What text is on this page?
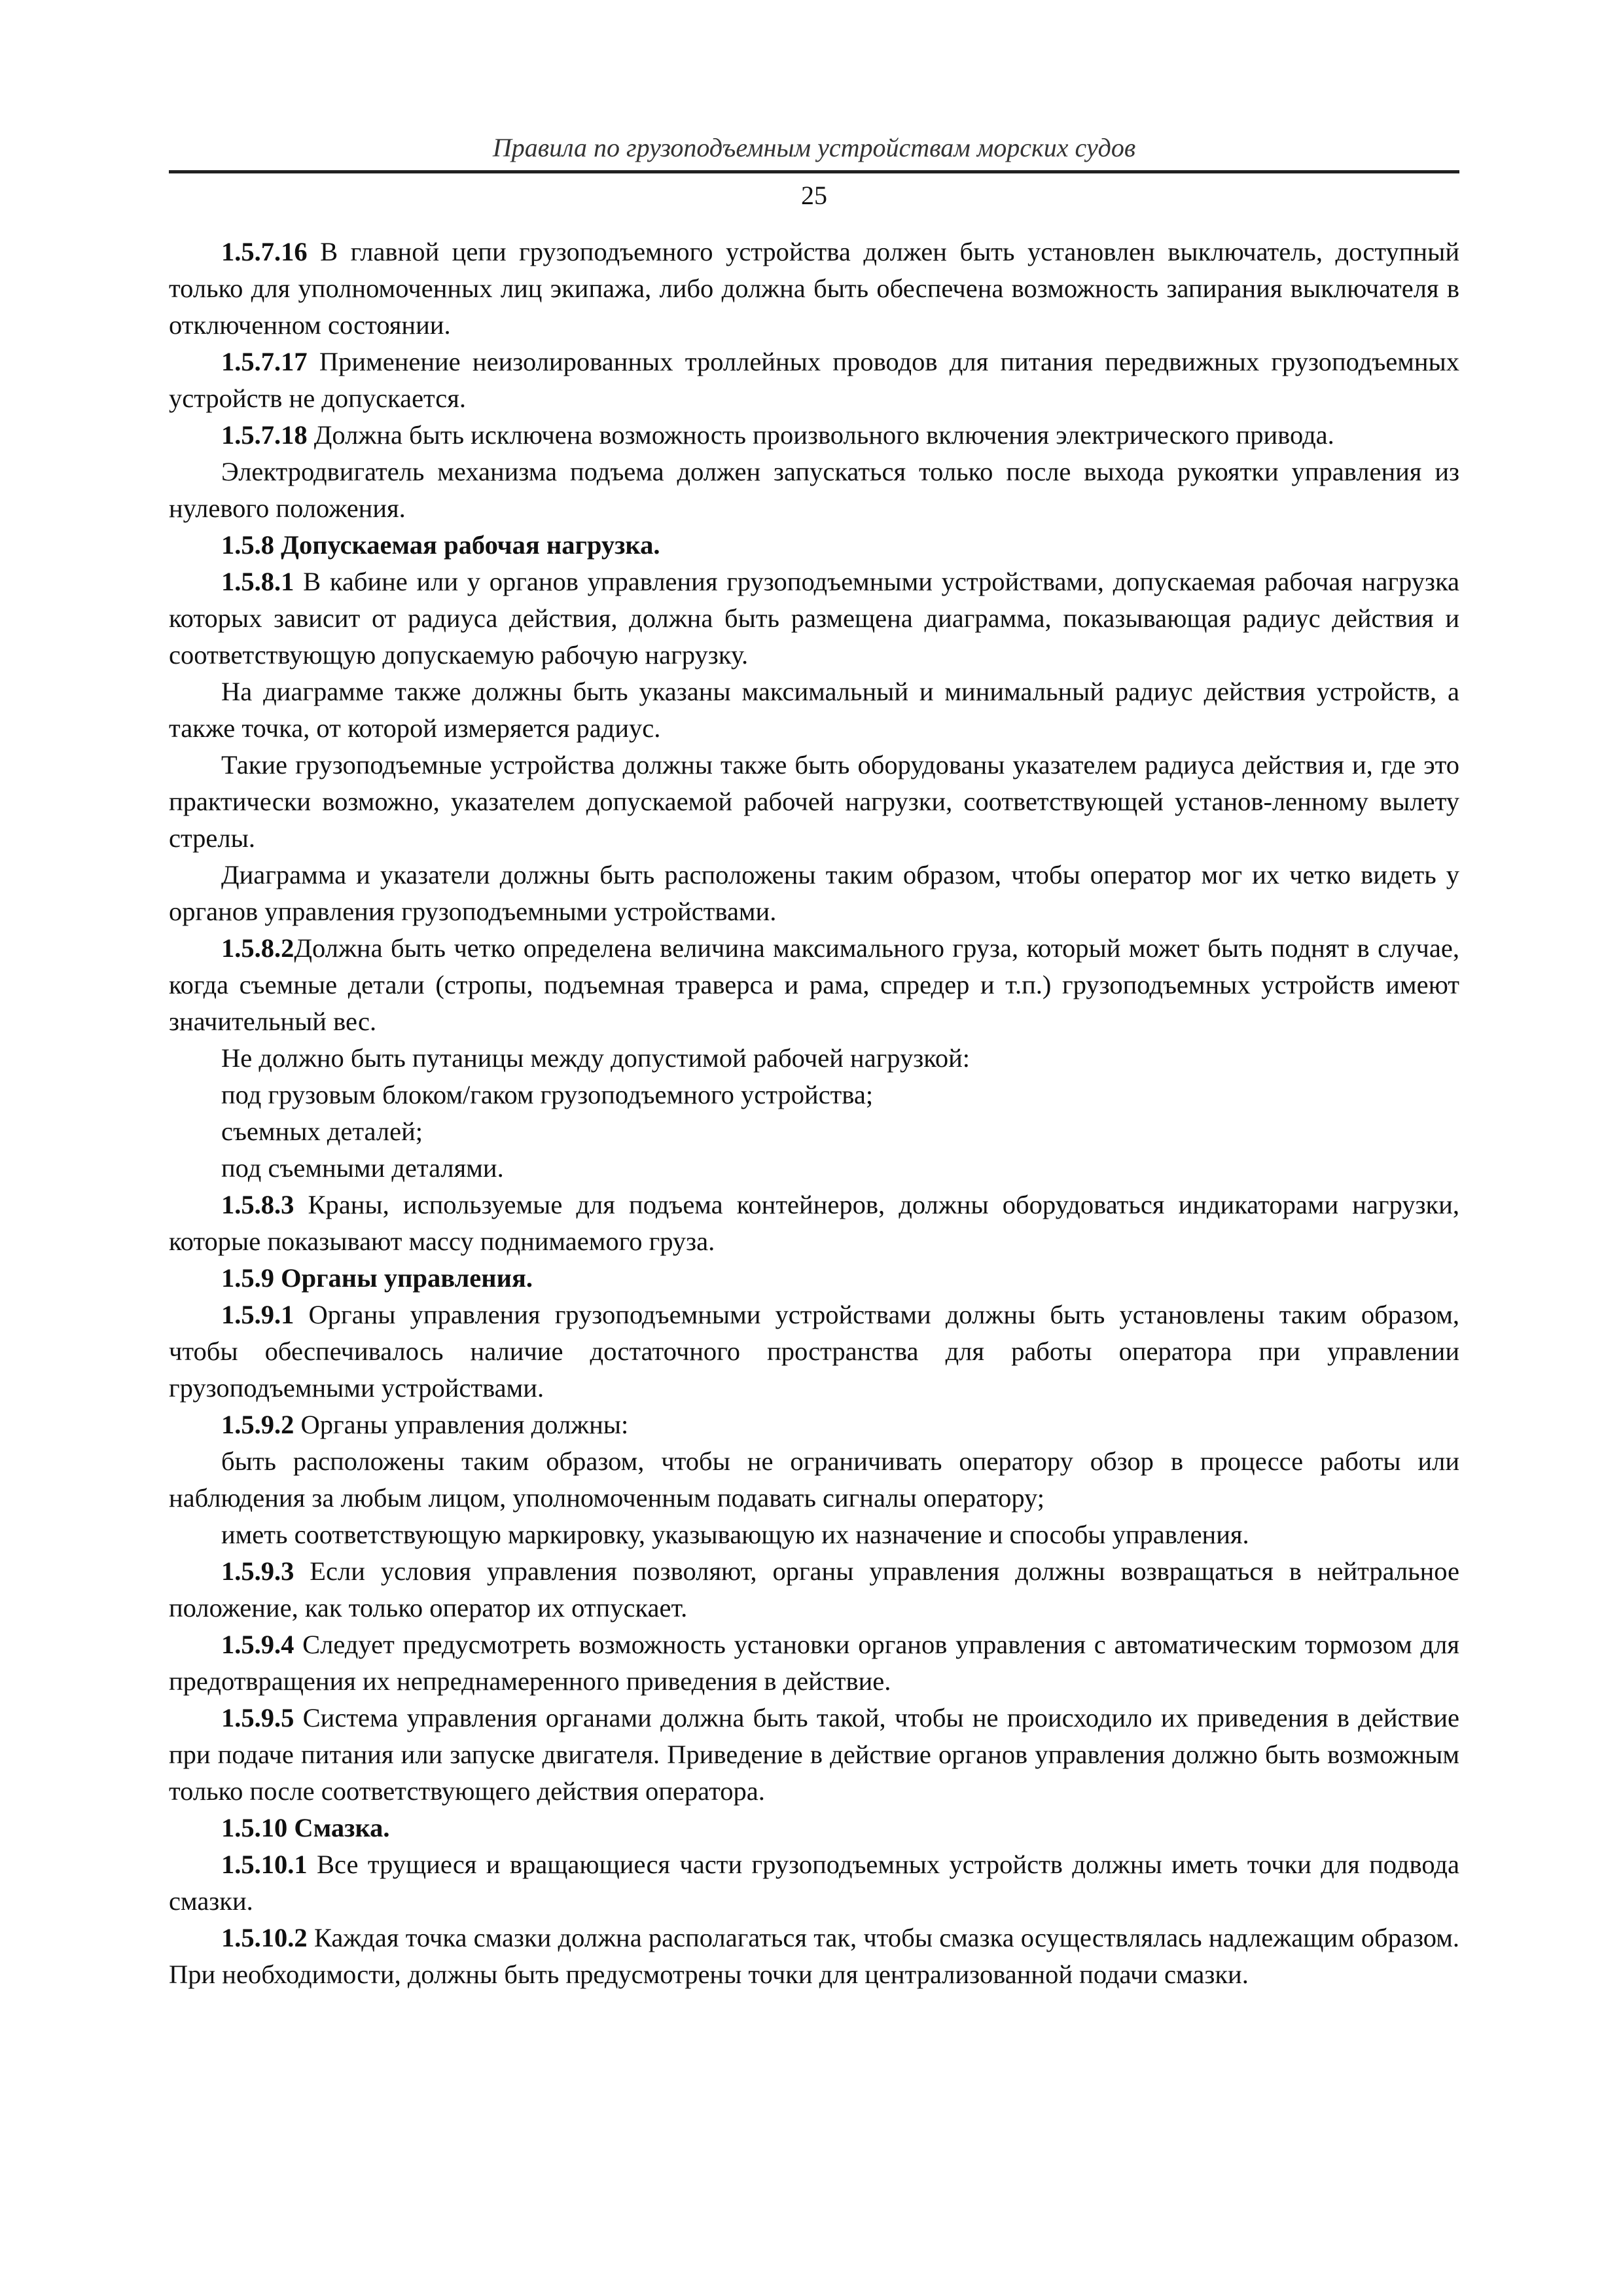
Правила по грузоподъемным устройствам морских судов
25

1.5.7.16 В главной цепи грузоподъемного устройства должен быть установлен выключатель, доступный только для уполномоченных лиц экипажа, либо должна быть обеспечена возможность запирания выключателя в отключенном состоянии.

1.5.7.17 Применение неизолированных троллейных проводов для питания передвижных грузоподъемных устройств не допускается.

1.5.7.18 Должна быть исключена возможность произвольного включения электрического привода.

Электродвигатель механизма подъема должен запускаться только после выхода рукоятки управления из нулевого положения.

1.5.8 Допускаемая рабочая нагрузка.

1.5.8.1 В кабине или у органов управления грузоподъемными устройствами, допускаемая рабочая нагрузка которых зависит от радиуса действия, должна быть размещена диаграмма, показывающая радиус действия и соответствующую допускаемую рабочую нагрузку.

На диаграмме также должны быть указаны максимальный и минимальный радиус действия устройств, а также точка, от которой измеряется радиус.

Такие грузоподъемные устройства должны также быть оборудованы указателем радиуса действия и, где это практически возможно, указателем допускаемой рабочей нагрузки, соответствующей установ-ленному вылету стрелы.

Диаграмма и указатели должны быть расположены таким образом, чтобы оператор мог их четко видеть у органов управления грузоподъемными устройствами.

1.5.8.2Должна быть четко определена величина максимального груза, который может быть поднят в случае, когда съемные детали (стропы, подъемная траверса и рама, спредер и т.п.) грузоподъемных устройств имеют значительный вес.

Не должно быть путаницы между допустимой рабочей нагрузкой:

под грузовым блоком/гаком грузоподъемного устройства;

съемных деталей;

под съемными деталями.

1.5.8.3 Краны, используемые для подъема контейнеров, должны оборудоваться индикаторами нагрузки, которые показывают массу поднимаемого груза.

1.5.9 Органы управления.

1.5.9.1 Органы управления грузоподъемными устройствами должны быть установлены таким образом, чтобы обеспечивалось наличие достаточного пространства для работы оператора при управлении грузоподъемными устройствами.

1.5.9.2 Органы управления должны:

быть расположены таким образом, чтобы не ограничивать оператору обзор в процессе работы или наблюдения за любым лицом, уполномоченным подавать сигналы оператору;

иметь соответствующую маркировку, указывающую их назначение и способы управления.

1.5.9.3 Если условия управления позволяют, органы управления должны возвращаться в нейтральное положение, как только оператор их отпускает.

1.5.9.4 Следует предусмотреть возможность установки органов управления с автоматическим тормозом для предотвращения их непреднамеренного приведения в действие.

1.5.9.5 Система управления органами должна быть такой, чтобы не происходило их приведения в действие при подаче питания или запуске двигателя. Приведение в действие органов управления должно быть возможным только после соответствующего действия оператора.

1.5.10 Смазка.

1.5.10.1 Все трущиеся и вращающиеся части грузоподъемных устройств должны иметь точки для подвода смазки.

1.5.10.2 Каждая точка смазки должна располагаться так, чтобы смазка осуществлялась надлежащим образом. При необходимости, должны быть предусмотрены точки для централизованной подачи смазки.
